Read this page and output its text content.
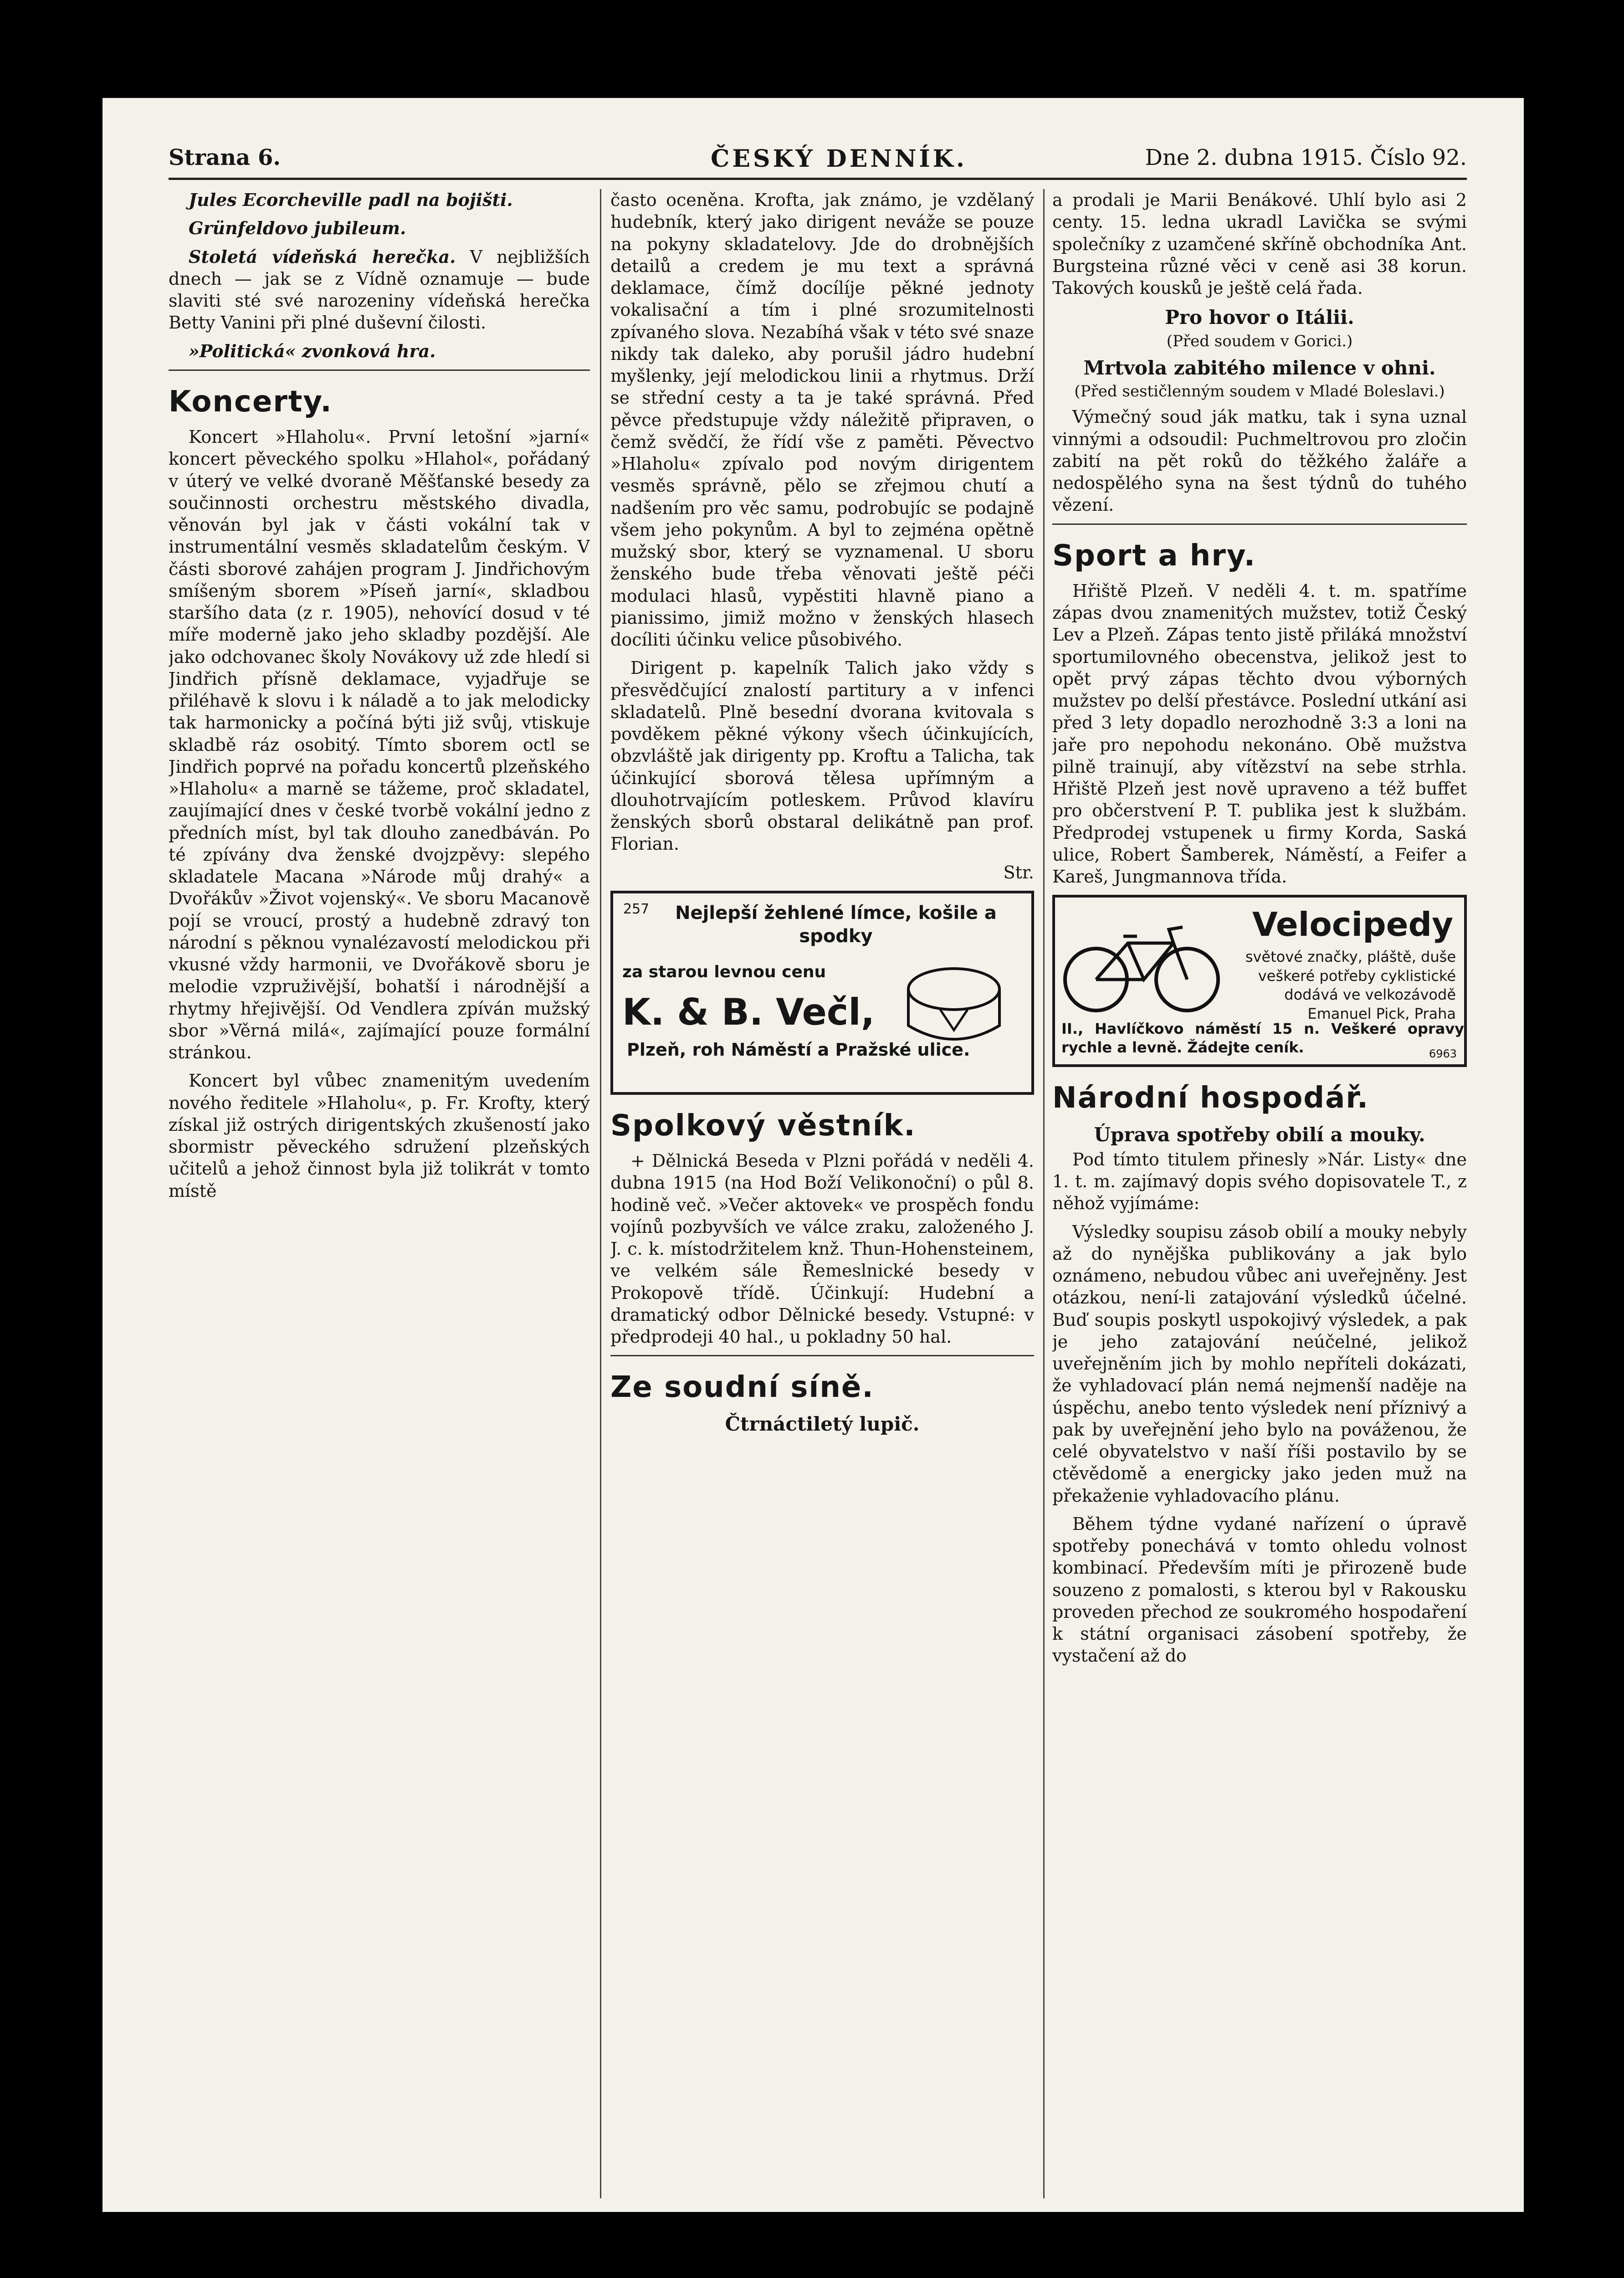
Strana 6.	ČESKÝ DENNÍK.	Dne 2. dubna 1915. Číslo 92.

Jules Ecorcheville padl na bojišti.

Grünfeldovo jubileum.

Stoletá vídeňská herečka. V nejbližších dnech — jak se z Vídně oznamuje — bude slaviti sté své narozeniny vídeňská herečka Betty Vanini při plné duševní čilosti.

»Politická« zvonková hra.

Koncerty.

Koncert »Hlaholu«. První letošní »jarní« koncert pěveckého spolku »Hlahol«, pořádaný v úterý ve velké dvoraně Měšťanské besedy za součinnosti orchestru městského divadla, věnován byl jak v části vokální tak v instrumentální vesměs skladatelům českým. V části sborové zahájen program J. Jindřichovým smíšeným sborem »Píseň jarní«, skladbou staršího data (z r. 1905), nehovící dosud v té míře moderně jako jeho skladby pozdější. Ale jako odchovanec školy Novákovy už zde hledí si Jindřich přísně deklamace, vyjadřuje se přiléhavě k slovu i k náladě a to jak melodicky tak harmonicky a počíná býti již svůj, vtiskuje skladbě ráz osobitý. Tímto sborem octl se Jindřich poprvé na pořadu koncertů plzeňského »Hlaholu« a marně se tážeme, proč skladatel, zaujímající dnes v české tvorbě vokální jedno z předních míst, byl tak dlouho zanedbáván. Po té zpívány dva ženské dvojzpěvy: slepého skladatele Macana »Národe můj drahý« a Dvořákův »Život vojenský«. Ve sboru Macanově pojí se vroucí, prostý a hudebně zdravý ton národní s pěknou vynalézavostí melodickou při vkusné vždy harmonii, ve Dvořákově sboru je melodie vzpruživější, bohatší i národnější a rhytmy hřejivější. Od Vendlera zpíván mužský sbor »Věrná milá«, zajímající pouze formální stránkou.

Koncert byl vůbec znamenitým uvedením nového ředitele »Hlaholu«, p. Fr. Krofty, který získal již ostrých dirigentských zkušeností jako sbormistr pěveckého sdružení plzeňských učitelů a jehož činnost byla již tolikrát v tomto místě

často oceněna. Krofta, jak známo, je vzdělaný hudebník, který jako dirigent neváže se pouze na pokyny skladatelovy. Jde do drobnějších detailů a credem je mu text a správná deklamace, čímž docílíje pěkné jednoty vokalisační a tím i plné srozumitelnosti zpívaného slova. Nezabíhá však v této své snaze nikdy tak daleko, aby porušil jádro hudební myšlenky, její melodickou linii a rhytmus. Drží se střední cesty a ta je také správná. Před pěvce předstupuje vždy náležitě připraven, o čemž svědčí, že řídí vše z paměti. Pěvectvo »Hlaholu« zpívalo pod novým dirigentem vesměs správně, pělo se zřejmou chutí a nadšením pro věc samu, podrobujíc se podajně všem jeho pokynům. A byl to zejména opětně mužský sbor, který se vyznamenal. U sboru ženského bude třeba věnovati ještě péči modulaci hlasů, vypěstiti hlavně piano a pianissimo, jimiž možno v ženských hlasech docíliti účinku velice působivého.

Dirigent p. kapelník Talich jako vždy s přesvědčující znalostí partitury a v infenci skladatelů. Plně besední dvorana kvitovala s povděkem pěkné výkony všech účinkujících, obzvláště jak dirigenty pp. Kroftu a Talicha, tak účinkující sborová tělesa upřímným a dlouhotrvajícím potleskem. Průvod klavíru ženských sborů obstaral delikátně pan prof. Florian.

Str.
257	Nejlepší žehlené límce, košile a spodky
za starou levnou cenu
K. & B. Večl,
Plzeň, roh Náměstí a Pražské ulice.
Spolkový věstník.

+ Dělnická Beseda v Plzni pořádá v neděli 4. dubna 1915 (na Hod Boží Velikonoční) o půl 8. hodině več. »Večer aktovek« ve prospěch fondu vojínů pozbyvších ve válce zraku, založeného J. J. c. k. místodržitelem knž. Thun-Hohensteinem, ve velkém sále Řemeslnické besedy v Prokopově třídě. Účinkují: Hudební a dramatický odbor Dělnické besedy. Vstupné: v předprodeji 40 hal., u pokladny 50 hal.

Ze soudní síně.
Čtrnáctiletý lupič.

a prodali je Marii Benákové. Uhlí bylo asi 2 centy. 15. ledna ukradl Lavička se svými společníky z uzamčené skříně obchodníka Ant. Burgsteina různé věci v ceně asi 38 korun. Takových kousků je ještě celá řada.

Pro hovor o Itálii.
(Před soudem v Gorici.)
Mrtvola zabitého milence v ohni.
(Před sestičlenným soudem v Mladé Boleslavi.)

Výmečný soud ják matku, tak i syna uznal vinnými a odsoudil: Puchmeltrovou pro zločin zabití na pět roků do těžkého žaláře a nedospělého syna na šest týdnů do tuhého vězení.

Sport a hry.

Hřiště Plzeň. V neděli 4. t. m. spatříme zápas dvou znamenitých mužstev, totiž Český Lev a Plzeň. Zápas tento jistě přiláká množství sportumilovného obecenstva, jelikož jest to opět prvý zápas těchto dvou výborných mužstev po delší přestávce. Poslední utkání asi před 3 lety dopadlo nerozhodně 3:3 a loni na jaře pro nepohodu nekonáno. Obě mužstva pilně trainují, aby vítězství na sebe strhla. Hřiště Plzeň jest nově upraveno a též buffet pro občerstvení P. T. publika jest k službám. Předprodej vstupenek u firmy Korda, Saská ulice, Robert Šamberek, Náměstí, a Feifer a Kareš, Jungmannova třída.

Velocipedy
světové značky, pláště, duše veškeré potřeby cyklistické dodává ve velkozávodě Emanuel Pick, Praha
II., Havlíčkovo náměstí 15 n. Veškeré opravy rychle a levně. Žádejte ceník.	6963
Národní hospodář.
Úprava spotřeby obilí a mouky.

Pod tímto titulem přinesly »Nár. Listy« dne 1. t. m. zajímavý dopis svého dopisovatele T., z něhož vyjímáme:

Výsledky soupisu zásob obilí a mouky nebyly až do nynějška publikovány a jak bylo oznámeno, nebudou vůbec ani uveřejněny. Jest otázkou, není-li zatajování výsledků účelné. Buď soupis poskytl uspokojivý výsledek, a pak je jeho zatajování neúčelné, jelikož uveřejněním jich by mohlo nepříteli dokázati, že vyhladovací plán nemá nejmenší naděje na úspěchu, anebo tento výsledek není příznivý a pak by uveřejnění jeho bylo na pováženou, že celé obyvatelstvo v naší říši postavilo by se ctěvědomě a energicky jako jeden muž na překaženie vyhladovacího plánu.

Během týdne vydané nařízení o úpravě spotřeby ponechává v tomto ohledu volnost kombinací. Především míti je přirozeně bude souzeno z pomalosti, s kterou byl v Rakousku proveden přechod ze soukromého hospodaření k státní organisaci zásobení spotřeby, že vystačení až do
